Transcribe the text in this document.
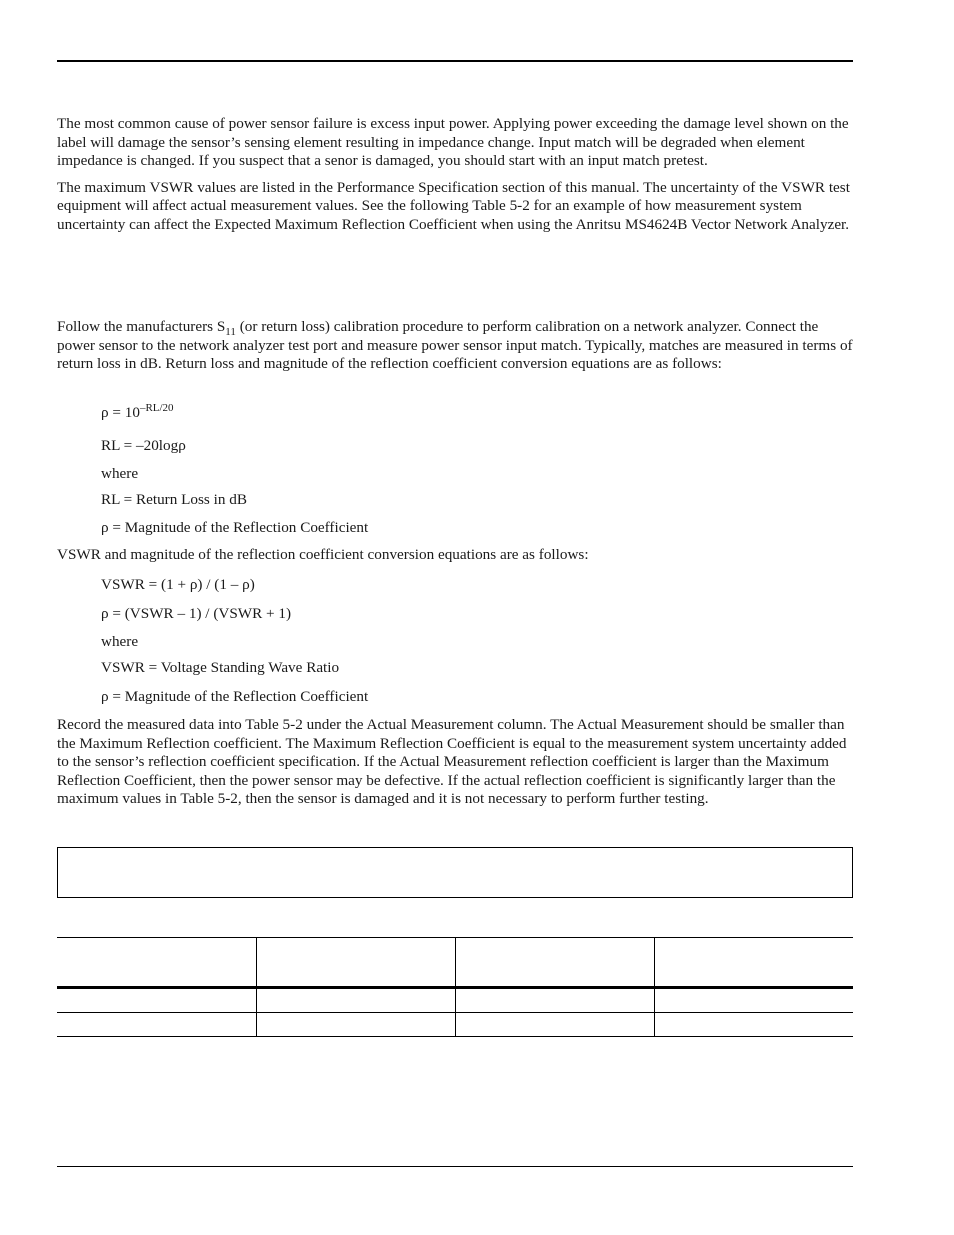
The most common cause of power sensor failure is excess input power. Applying power exceeding the damage level shown on the label will damage the sensor’s sensing element resulting in impedance change. Input match will be degraded when element impedance is changed. If you suspect that a senor is damaged, you should start with an input match pretest.

The maximum VSWR values are listed in the Performance Specification section of this manual. The uncertainty of the VSWR test equipment will affect actual measurement values. See the following Table 5-2 for an example of how measurement system uncertainty can affect the Expected Maximum Reflection Coefficient when using the Anritsu MS4624B Vector Network Analyzer.

Follow the manufacturers $S_{11}$ (or return loss) calibration procedure to perform calibration on a network analyzer. Connect the power sensor to the network analyzer test port and measure power sensor input match. Typically, matches are measured in terms of return loss in dB. Return loss and magnitude of the reflection coefficient conversion equations are as follows:

$\rho = 10^{-RL/20}$
RL = –20logρ
where
RL = Return Loss in dB
ρ = Magnitude of the Reflection Coefficient
VSWR and magnitude of the reflection coefficient conversion equations are as follows:
VSWR = (1 + ρ) / (1 – ρ)
ρ = (VSWR – 1) / (VSWR + 1)
where
VSWR = Voltage Standing Wave Ratio
ρ = Magnitude of the Reflection Coefficient
Record the measured data into Table 5-2 under the Actual Measurement column. The Actual Measurement should be smaller than the Maximum Reflection coefficient. The Maximum Reflection Coefficient is equal to the measurement system uncertainty added to the sensor’s reflection coefficient specification. If the Actual Measurement reflection coefficient is larger than the Maximum Reflection Coefficient, then the power sensor may be defective. If the actual reflection coefficient is significantly larger than the maximum values in Table 5-2, then the sensor is damaged and it is not necessary to perform further testing.
